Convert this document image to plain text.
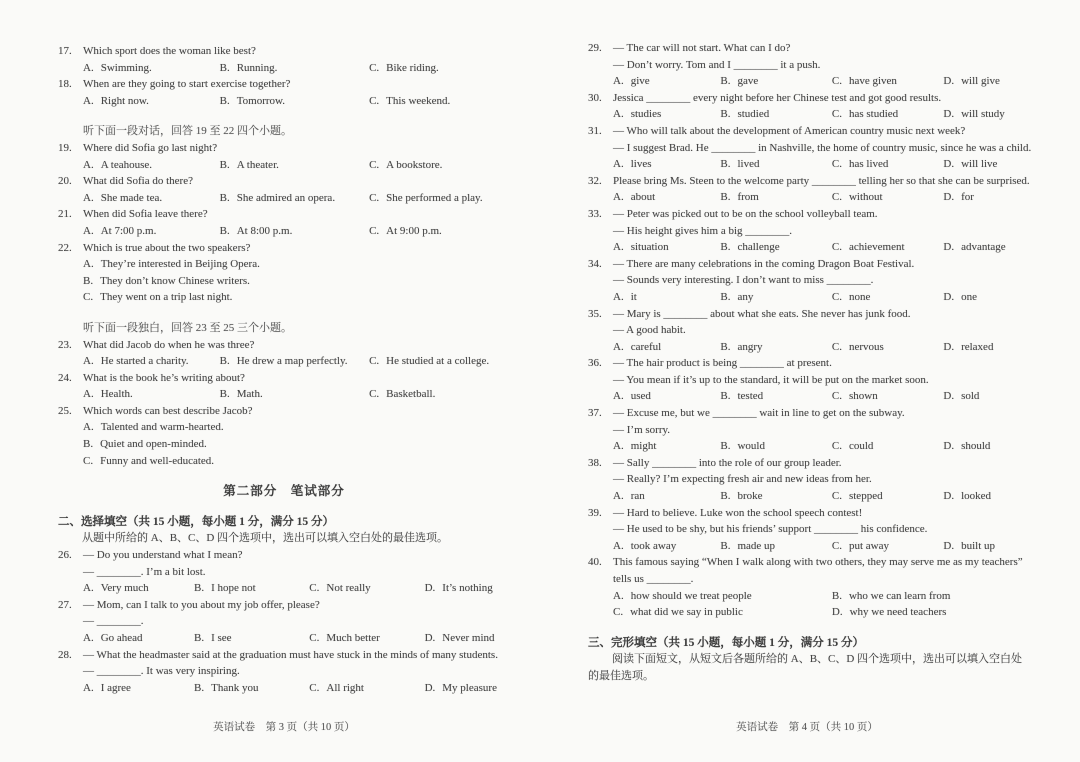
17. Which sport does the woman like best?
A. Swimming.	B. Running.	C. Bike riding.
18. When are they going to start exercise together?
A. Right now.	B. Tomorrow.	C. This weekend.
听下面一段对话，回答 19 至 22 四个小题。
19. Where did Sofia go last night?
A. A teahouse.	B. A theater.	C. A bookstore.
20. What did Sofia do there?
A. She made tea.	B. She admired an opera.	C. She performed a play.
21. When did Sofia leave there?
A. At 7:00 p.m.	B. At 8:00 p.m.	C. At 9:00 p.m.
22. Which is true about the two speakers?
A. They’re interested in Beijing Opera.
B. They don’t know Chinese writers.
C. They went on a trip last night.
听下面一段独白，回答 23 至 25 三个小题。
23. What did Jacob do when he was three?
A. He started a charity.	B. He drew a map perfectly.	C. He studied at a college.
24. What is the book he’s writing about?
A. Health.	B. Math.	C. Basketball.
25. Which words can best describe Jacob?
A. Talented and warm-hearted.
B. Quiet and open-minded.
C. Funny and well-educated.
第二部分　笔试部分
二、选择填空（共 15 小题，每小题 1 分，满分 15 分）
从题中所给的 A、B、C、D 四个选项中，选出可以填入空白处的最佳选项。
26. — Do you understand what I mean?
— ________. I’m a bit lost.
A. Very much	B. I hope not	C. Not really	D. It’s nothing
27. — Mom, can I talk to you about my job offer, please?
— ________.
A. Go ahead	B. I see	C. Much better	D. Never mind
28. — What the headmaster said at the graduation must have stuck in the minds of many students.
— ________. It was very inspiring.
A. I agree	B. Thank you	C. All right	D. My pleasure
英语试卷　第 3 页（共 10 页）
29. — The car will not start. What can I do?
— Don’t worry. Tom and I ________ it a push.
A. give	B. gave	C. have given	D. will give
30. Jessica ________ every night before her Chinese test and got good results.
A. studies	B. studied	C. has studied	D. will study
31. — Who will talk about the development of American country music next week?
— I suggest Brad. He ________ in Nashville, the home of country music, since he was a child.
A. lives	B. lived	C. has lived	D. will live
32. Please bring Ms. Steen to the welcome party ________ telling her so that she can be surprised.
A. about	B. from	C. without	D. for
33. — Peter was picked out to be on the school volleyball team.
— His height gives him a big ________.
A. situation	B. challenge	C. achievement	D. advantage
34. — There are many celebrations in the coming Dragon Boat Festival.
— Sounds very interesting. I don’t want to miss ________.
A. it	B. any	C. none	D. one
35. — Mary is ________ about what she eats. She never has junk food.
— A good habit.
A. careful	B. angry	C. nervous	D. relaxed
36. — The hair product is being ________ at present.
— You mean if it’s up to the standard, it will be put on the market soon.
A. used	B. tested	C. shown	D. sold
37. — Excuse me, but we ________ wait in line to get on the subway.
— I’m sorry.
A. might	B. would	C. could	D. should
38. — Sally ________ into the role of our group leader.
— Really? I’m expecting fresh air and new ideas from her.
A. ran	B. broke	C. stepped	D. looked
39. — Hard to believe. Luke won the school speech contest!
— He used to be shy, but his friends’ support ________ his confidence.
A. took away	B. made up	C. put away	D. built up
40. This famous saying “When I walk along with two others, they may serve me as my teachers”
tells us ________.
A. how should we treat people	B. who we can learn from
C. what did we say in public	D. why we need teachers
三、完形填空（共 15 小题，每小题 1 分，满分 15 分）
阅读下面短文，从短文后各题所给的 A、B、C、D 四个选项中，选出可以填入空白处的最佳选项。
英语试卷　第 4 页（共 10 页）
